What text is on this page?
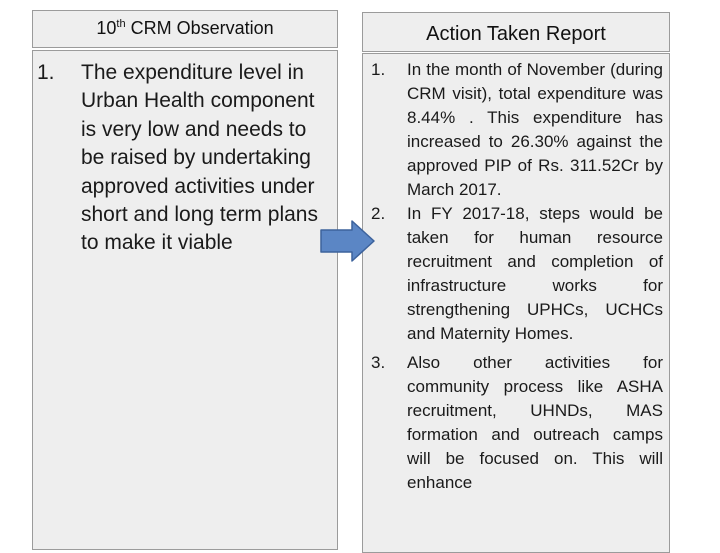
10th CRM Observation
1. The expenditure level in Urban Health component is very low and needs to be raised by undertaking approved activities under short and long term plans to make it viable
Action Taken Report
1. In the month of November (during CRM visit), total expenditure was 8.44% . This expenditure has increased to 26.30% against the approved PIP of Rs. 311.52Cr by March 2017.
2. In FY 2017-18, steps would be taken for human resource recruitment and completion of infrastructure works for strengthening UPHCs, UCHCs and Maternity Homes.
3. Also other activities for community process like ASHA recruitment, UHNDs, MAS formation and outreach camps will be focused on. This will enhance
